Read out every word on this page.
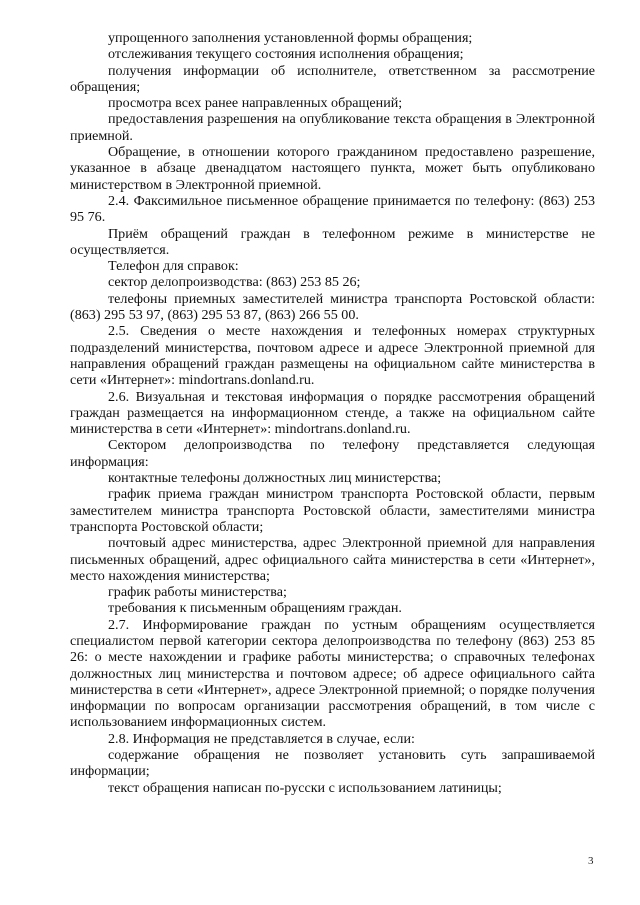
упрощенного заполнения установленной формы обращения;

отслеживания текущего состояния исполнения обращения;

получения информации об исполнителе, ответственном за рассмотрение обращения;

просмотра всех ранее направленных обращений;

предоставления разрешения на опубликование текста обращения в Электронной приемной.

Обращение, в отношении которого гражданином предоставлено разрешение, указанное в абзаце двенадцатом настоящего пункта, может быть опубликовано министерством в Электронной приемной.

2.4. Факсимильное письменное обращение принимается по телефону: (863) 253 95 76.

Приём обращений граждан в телефонном режиме в министерстве не осуществляется.

Телефон для справок:

сектор делопроизводства: (863) 253 85 26;

телефоны приемных заместителей министра транспорта Ростовской области: (863) 295 53 97, (863) 295 53 87, (863) 266 55 00.

2.5. Сведения о месте нахождения и телефонных номерах структурных подразделений министерства, почтовом адресе и адресе Электронной приемной для направления обращений граждан размещены на официальном сайте министерства в сети «Интернет»: mindortrans.donland.ru.

2.6. Визуальная и текстовая информация о порядке рассмотрения обращений граждан размещается на информационном стенде, а также на официальном сайте министерства в сети «Интернет»: mindortrans.donland.ru.

Сектором делопроизводства по телефону представляется следующая информация:

контактные телефоны должностных лиц министерства;

график приема граждан министром транспорта Ростовской области, первым заместителем министра транспорта Ростовской области, заместителями министра транспорта Ростовской области;

почтовый адрес министерства, адрес Электронной приемной для направления письменных обращений, адрес официального сайта министерства в сети «Интернет», место нахождения министерства;

график работы министерства;

требования к письменным обращениям граждан.

2.7. Информирование граждан по устным обращениям осуществляется специалистом первой категории сектора делопроизводства по телефону (863) 253 85 26: о месте нахождении и графике работы министерства; о справочных телефонах должностных лиц министерства и почтовом адресе; об адресе официального сайта министерства в сети «Интернет», адресе Электронной приемной; о порядке получения информации по вопросам организации рассмотрения обращений, в том числе с использованием информационных систем.

2.8. Информация не представляется в случае, если:

содержание обращения не позволяет установить суть запрашиваемой информации;

текст обращения написан по-русски с использованием латиницы;

3
